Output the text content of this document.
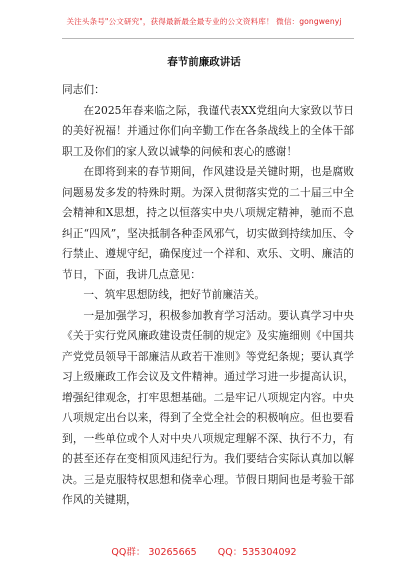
关注头条号"公文研究"，获得最新最全最专业的公文资料库！ 微信：gongwenyj
春节前廉政讲话

同志们：

在2025年春来临之际，我谨代表XX党组向大家致以节日的美好祝福！并通过你们向辛勤工作在各条战线上的全体干部职工及你们的家人致以诚挚的问候和衷心的感谢！

在即将到来的春节期间，作风建设是关键时期，也是腐败问题易发多发的特殊时期。为深入贯彻落实党的二十届三中全会精神和X思想，持之以恒落实中央八项规定精神，驰而不息纠正“四风”，坚决抵制各种歪风邪气，切实做到持续加压、令行禁止、遵规守纪，确保度过一个祥和、欢乐、文明、廉洁的节日，下面，我讲几点意见：

一、筑牢思想防线，把好节前廉洁关。

一是加强学习，积极参加教育学习活动。要认真学习中央《关于实行党风廉政建设责任制的规定》及实施细则《中国共产党党员领导干部廉洁从政若干准则》等党纪条规；要认真学习上级廉政工作会议及文件精神。通过学习进一步提高认识，增强纪律观念，打牢思想基础。二是牢记八项规定内容。中央八项规定出台以来，得到了全党全社会的积极响应。但也要看到，一些单位或个人对中央八项规定理解不深、执行不力，有的甚至还存在变相顶风违纪行为。我们要结合实际认真加以解决。三是克服特权思想和侥幸心理。节假日期间也是考验干部作风的关键期，

QQ群： 30265665 QQ：535304092
